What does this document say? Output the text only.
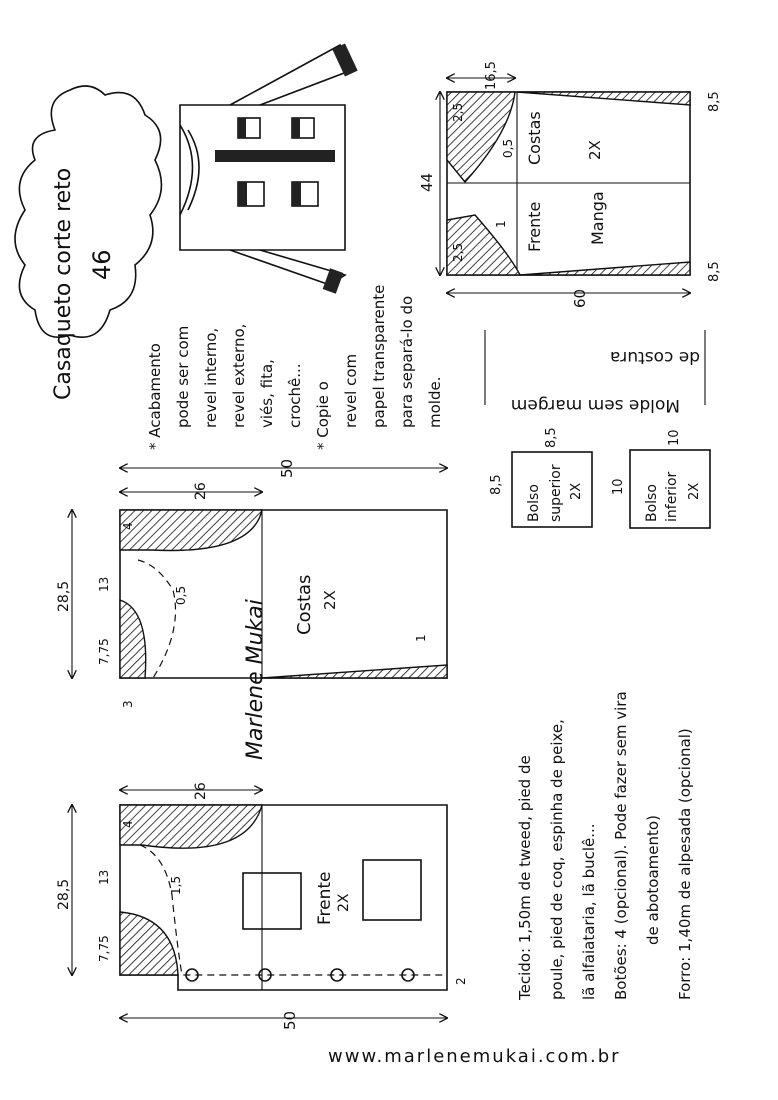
Casaqueto corte reto 46
* Acabamento pode ser com revel interno, revel externo, viés, fita, crochê... * Copie o revel com papel transparente para separá-lo do molde.
Costas	2X
Frente	Manga
44
60
16,5
8,5
8,5
2,5
2,5
0,5
1
Molde sem margem
de costura
Bolso superior 2X
8,5
8,5	Bolso inferior 2X
10
10
Costas 2X
50
26
28,5
4
13
7,75
3
0,5
1
Marlene Mukai
Frente 2X
50
26
28,5
4
13
7,75
1,5
2	Tecido: 1,50m de tweed, pied de poule, pied de coq, espinha de peixe, lã alfaiataria, lã buclê... Botões: 4 (opcional). Pode fazer sem vira de abotoamento) Forro: 1,40m de alpesada (opcional)
www.marlenemukai.com.br
